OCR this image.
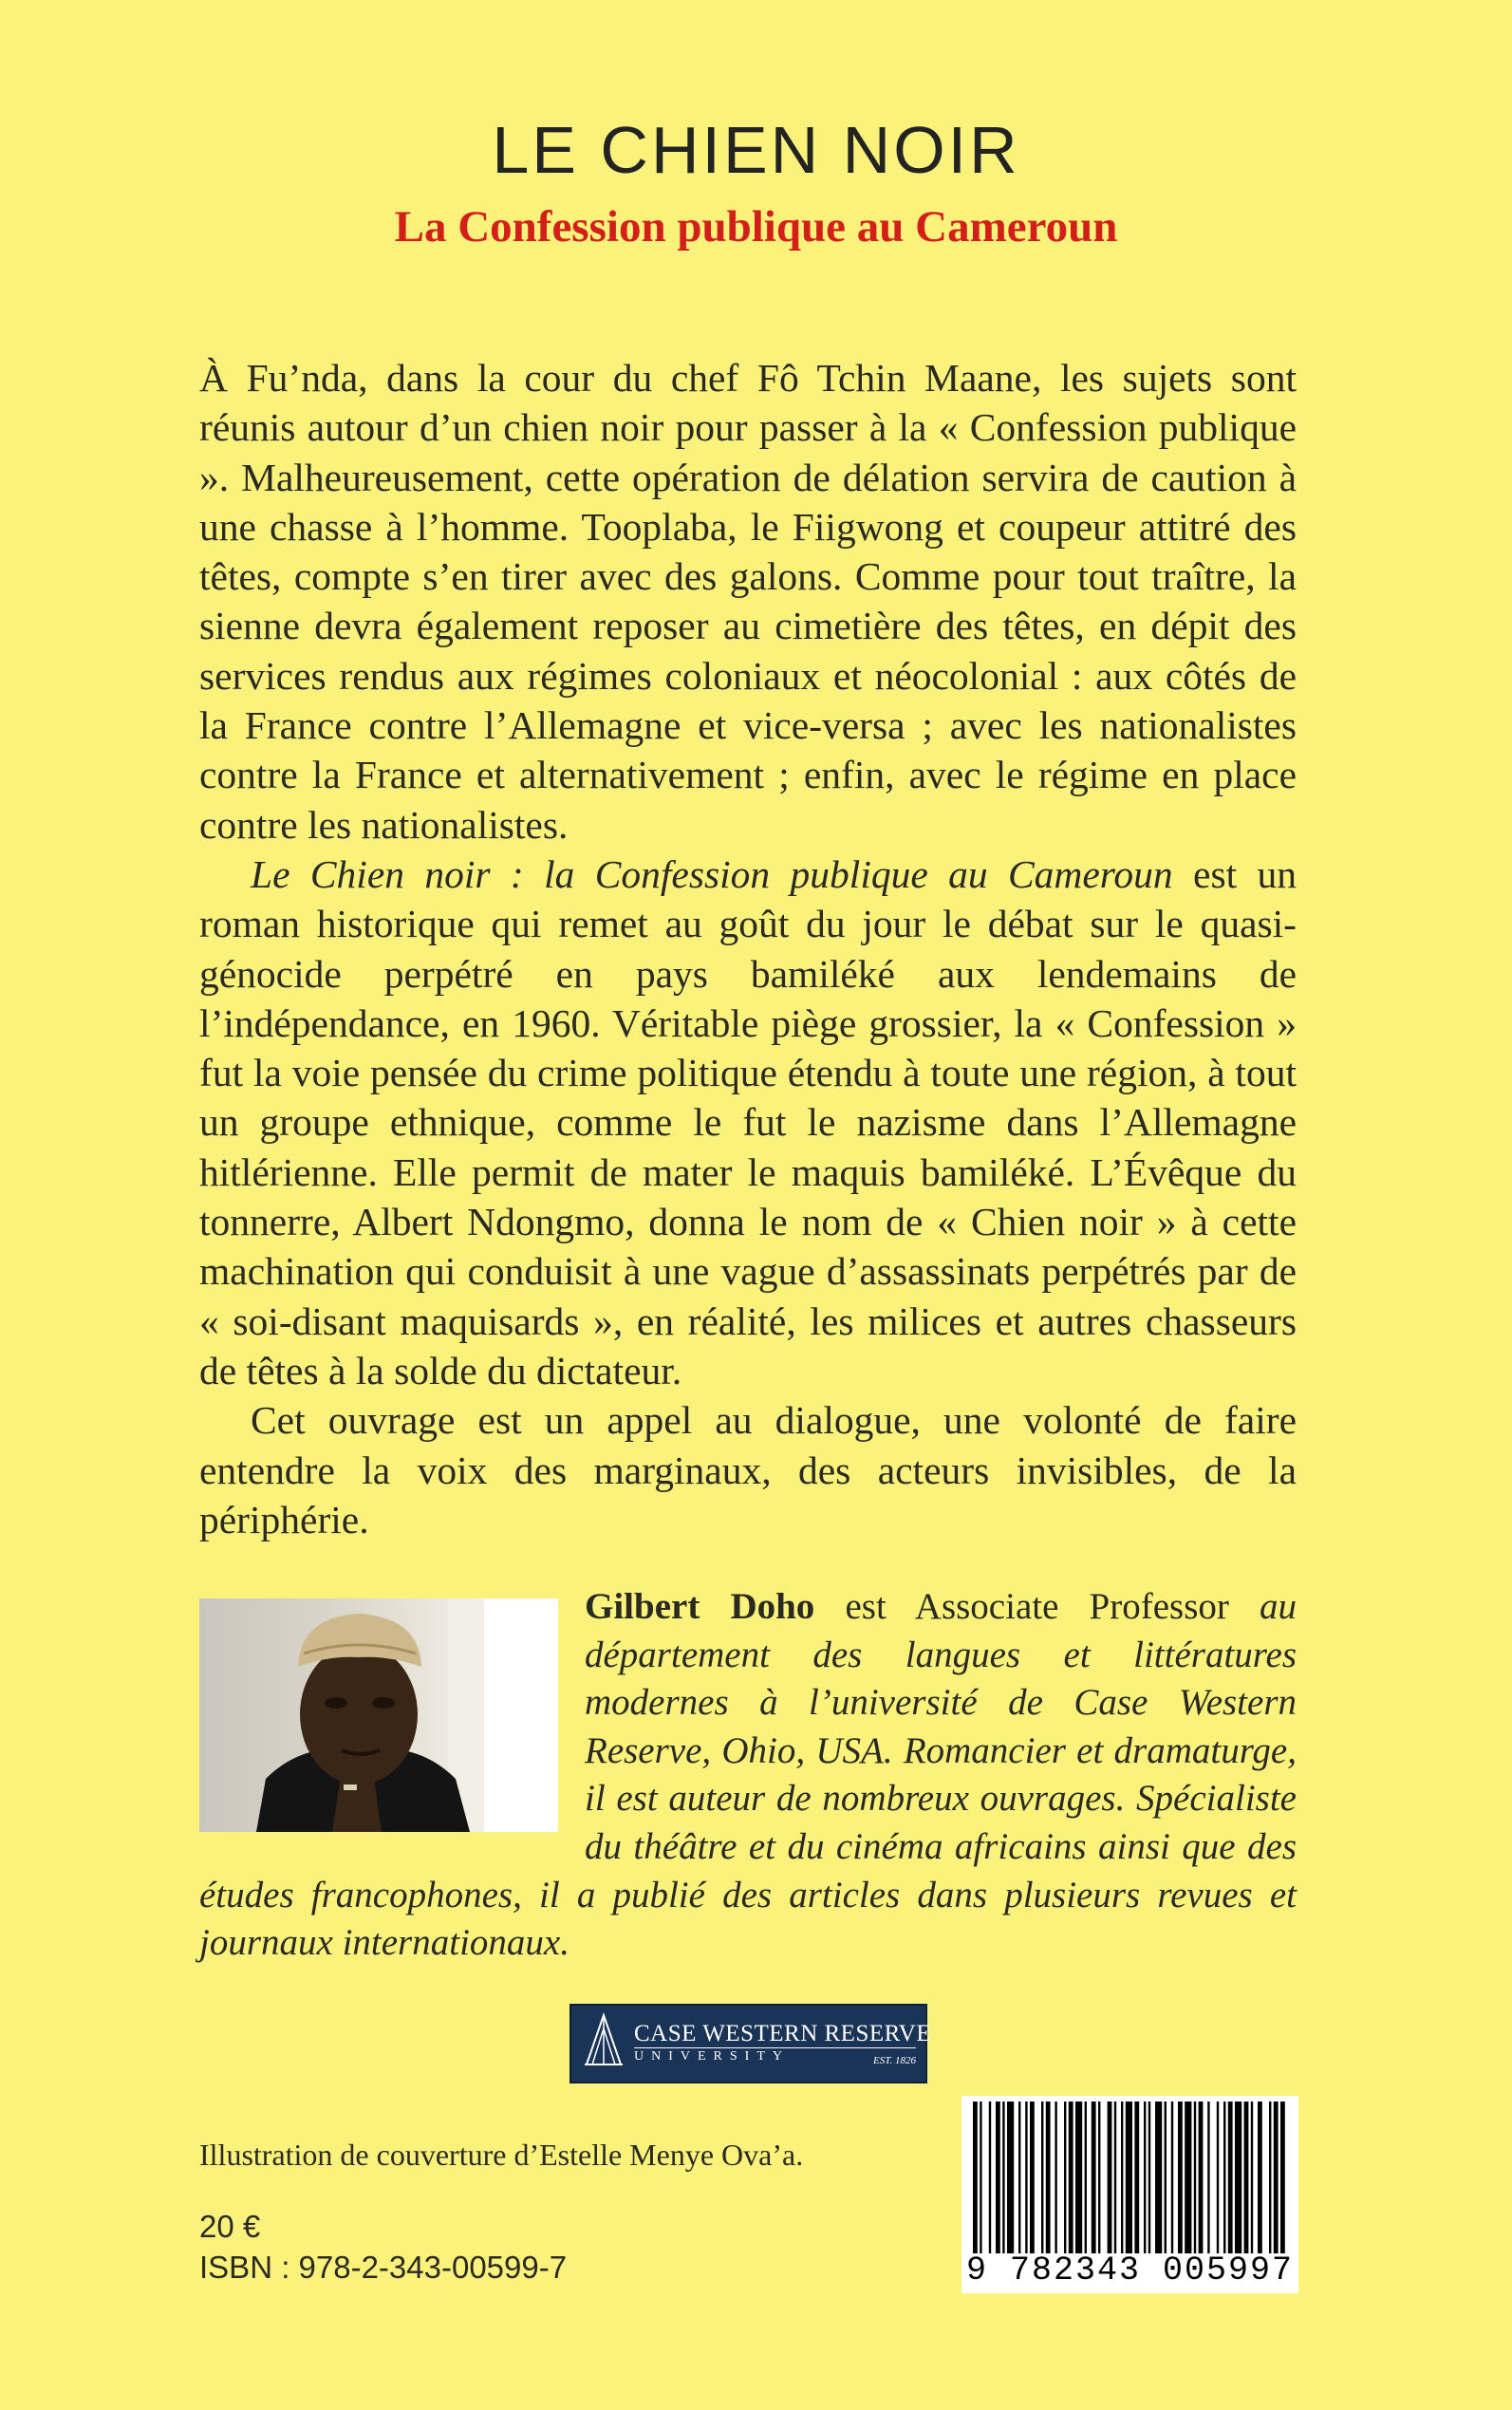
LE CHIEN NOIR
La Confession publique au Cameroun

À Fu’nda, dans la cour du chef Fô Tchin Maane, les sujets sont réunis autour d’un chien noir pour passer à la « Confession publique ». Malheureusement, cette opération de délation servira de caution à une chasse à l’homme. Tooplaba, le Fiigwong et coupeur attitré des têtes, compte s’en tirer avec des galons. Comme pour tout traître, la sienne devra également reposer au cimetière des têtes, en dépit des services rendus aux régimes coloniaux et néocolonial : aux côtés de la France contre l’Allemagne et vice-versa ; avec les nationalistes contre la France et alternativement ; enfin, avec le régime en place contre les nationalistes.

Le Chien noir : la Confession publique au Cameroun est un roman historique qui remet au goût du jour le débat sur le quasi-génocide perpétré en pays bamiléké aux lendemains de l’indépendance, en 1960. Véritable piège grossier, la « Confession » fut la voie pensée du crime politique étendu à toute une région, à tout un groupe ethnique, comme le fut le nazisme dans l’Allemagne hitlérienne. Elle permit de mater le maquis bamiléké. L’Évêque du tonnerre, Albert Ndongmo, donna le nom de « Chien noir » à cette machination qui conduisit à une vague d’assassinats perpétrés par de « soi-disant maquisards », en réalité, les milices et autres chasseurs de têtes à la solde du dictateur.

Cet ouvrage est un appel au dialogue, une volonté de faire entendre la voix des marginaux, des acteurs invisibles, de la périphérie.

Gilbert Doho est Associate Professor au département des langues et littératures modernes à l’université de Case Western Reserve, Ohio, USA. Romancier et dramaturge, il est auteur de nombreux ouvrages. Spécialiste du théâtre et du cinéma africains ainsi que des études francophones, il a publié des articles dans plusieurs revues et journaux internationaux.

CASE WESTERN RESERVE
UNIVERSITY	EST. 1826
Illustration de couverture d’Estelle Menye Ova’a.
20 €
ISBN : 978-2-343-00599-7	9 782343 005997
